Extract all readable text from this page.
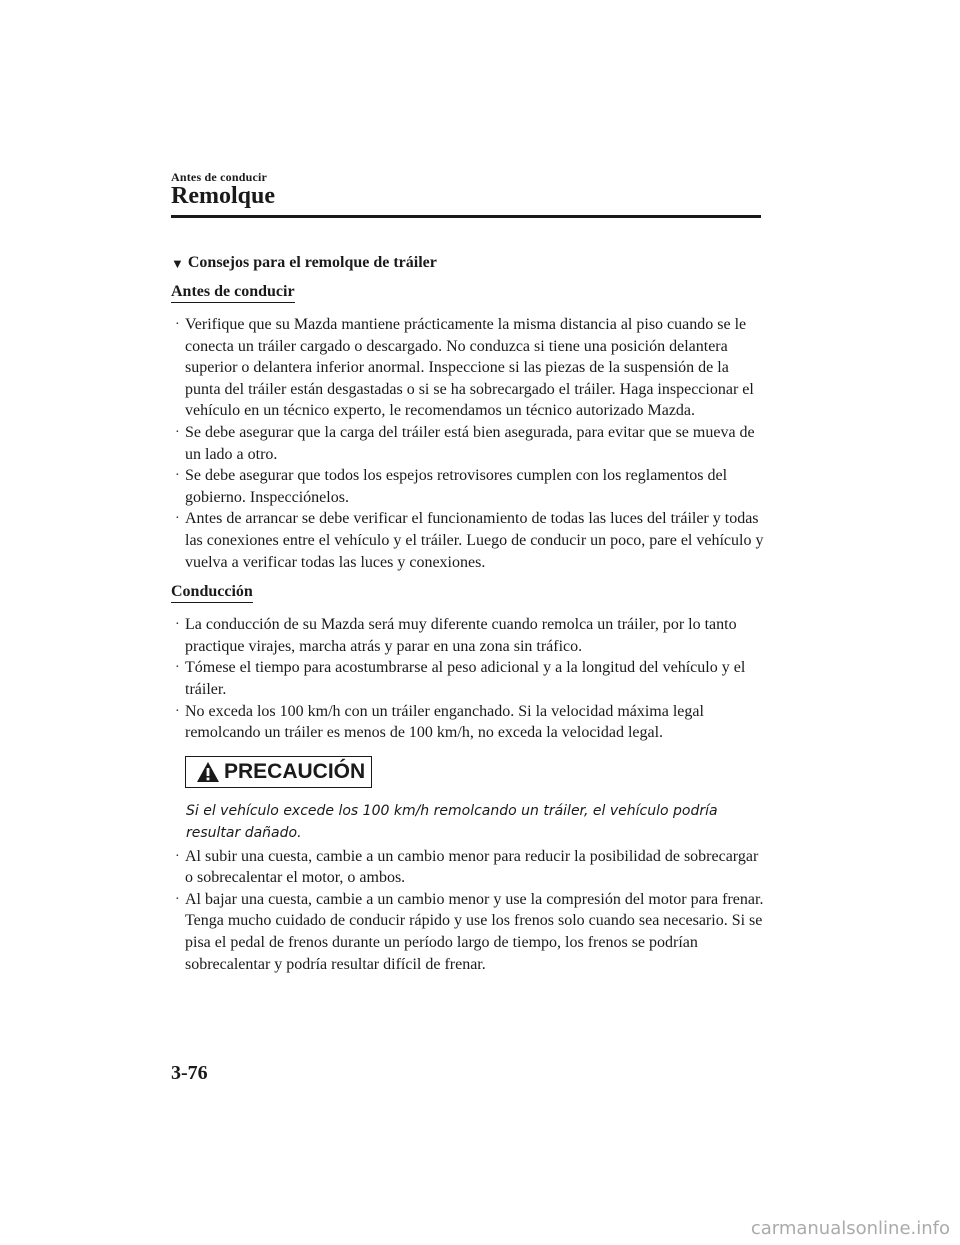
Antes de conducir
Remolque
▼ Consejos para el remolque de tráiler
Antes de conducir
· Verifique que su Mazda mantiene prácticamente la misma distancia al piso cuando se le conecta un tráiler cargado o descargado. No conduzca si tiene una posición delantera superior o delantera inferior anormal. Inspeccione si las piezas de la suspensión de la punta del tráiler están desgastadas o si se ha sobrecargado el tráiler. Haga inspeccionar el vehículo en un técnico experto, le recomendamos un técnico autorizado Mazda.
· Se debe asegurar que la carga del tráiler está bien asegurada, para evitar que se mueva de un lado a otro.
· Se debe asegurar que todos los espejos retrovisores cumplen con los reglamentos del gobierno. Inspecciónelos.
· Antes de arrancar se debe verificar el funcionamiento de todas las luces del tráiler y todas las conexiones entre el vehículo y el tráiler. Luego de conducir un poco, pare el vehículo y vuelva a verificar todas las luces y conexiones.
Conducción
· La conducción de su Mazda será muy diferente cuando remolca un tráiler, por lo tanto practique virajes, marcha atrás y parar en una zona sin tráfico.
· Tómese el tiempo para acostumbrarse al peso adicional y a la longitud del vehículo y el tráiler.
· No exceda los 100 km/h con un tráiler enganchado. Si la velocidad máxima legal remolcando un tráiler es menos de 100 km/h, no exceda la velocidad legal.
PRECAUCIÓN
Si el vehículo excede los 100 km/h remolcando un tráiler, el vehículo podría resultar dañado.
· Al subir una cuesta, cambie a un cambio menor para reducir la posibilidad de sobrecargar o sobrecalentar el motor, o ambos.
· Al bajar una cuesta, cambie a un cambio menor y use la compresión del motor para frenar. Tenga mucho cuidado de conducir rápido y use los frenos solo cuando sea necesario. Si se pisa el pedal de frenos durante un período largo de tiempo, los frenos se podrían sobrecalentar y podría resultar difícil de frenar.
3-76
carmanualsonline.info
